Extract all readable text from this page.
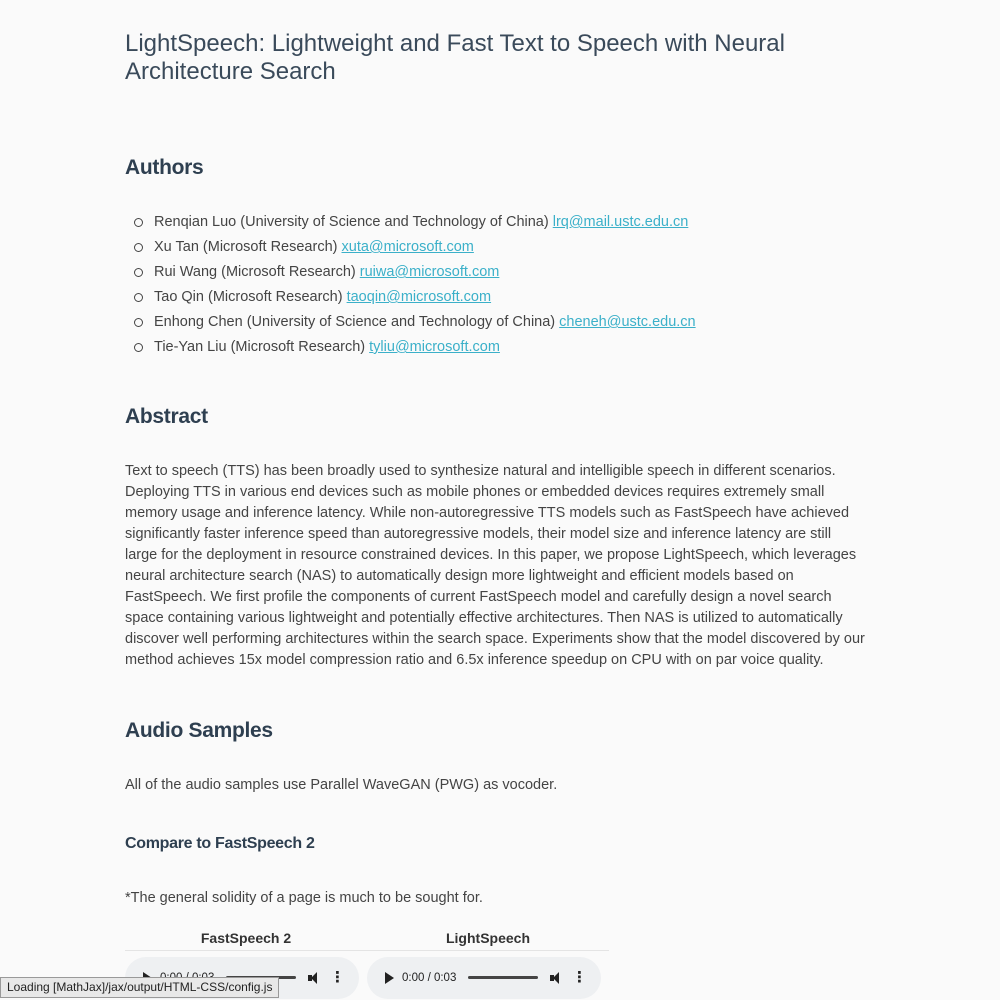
LightSpeech: Lightweight and Fast Text to Speech with Neural Architecture Search
Authors
Renqian Luo (University of Science and Technology of China) lrq@mail.ustc.edu.cn
Xu Tan (Microsoft Research) xuta@microsoft.com
Rui Wang (Microsoft Research) ruiwa@microsoft.com
Tao Qin (Microsoft Research) taoqin@microsoft.com
Enhong Chen (University of Science and Technology of China) cheneh@ustc.edu.cn
Tie-Yan Liu (Microsoft Research) tyliu@microsoft.com
Abstract

Text to speech (TTS) has been broadly used to synthesize natural and intelligible speech in different scenarios. Deploying TTS in various end devices such as mobile phones or embedded devices requires extremely small memory usage and inference latency. While non-autoregressive TTS models such as FastSpeech have achieved significantly faster inference speed than autoregressive models, their model size and inference latency are still large for the deployment in resource constrained devices. In this paper, we propose LightSpeech, which leverages neural architecture search (NAS) to automatically design more lightweight and efficient models based on FastSpeech. We first profile the components of current FastSpeech model and carefully design a novel search space containing various lightweight and potentially effective architectures. Then NAS is utilized to automatically discover well performing architectures within the search space. Experiments show that the model discovered by our method achieves 15x model compression ratio and 6.5x inference speedup on CPU with on par voice quality.

Audio Samples

All of the audio samples use Parallel WaveGAN (PWG) as vocoder.

Compare to FastSpeech 2

*The general solidity of a page is much to be sought for.

FastSpeech 2	LightSpeech

⋮	0:00 / 0:03 ⋮
Loading [MathJax]/jax/output/HTML-CSS/config.js
